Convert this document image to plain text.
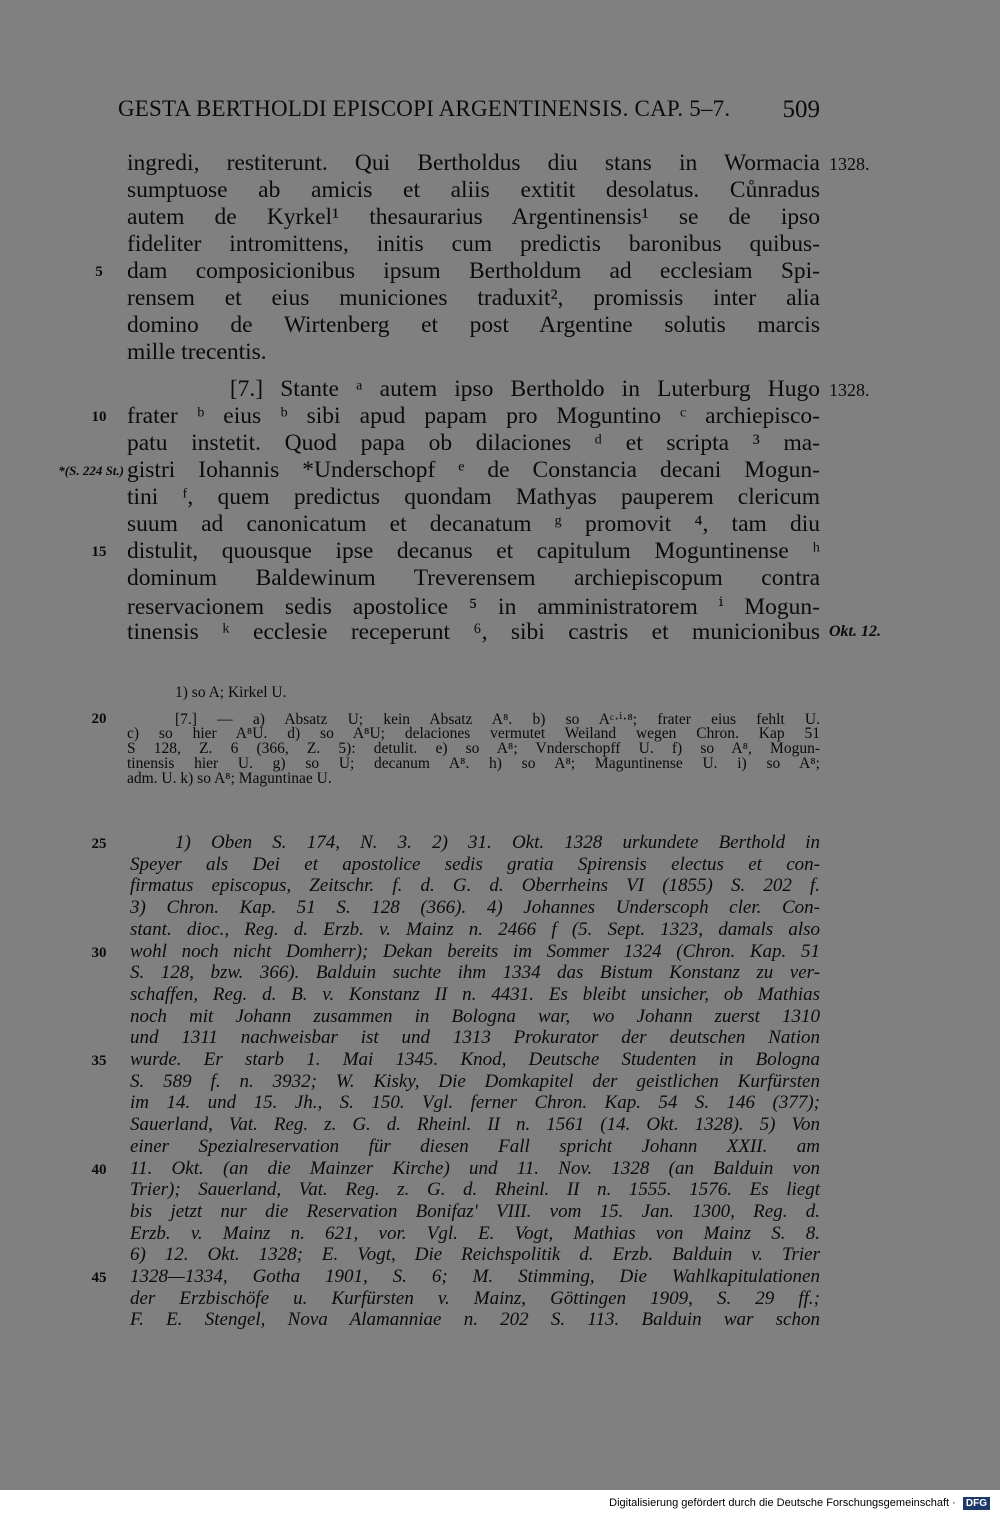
GESTA BERTHOLDI EPISCOPI ARGENTINENSIS. CAP. 5–7. 509
ingredi, restiterunt. Qui Bertholdus diu stans in Wormacia 1328.
sumptuose ab amicis et aliis extitit desolatus. Cůnradus
autem de Kyrkel¹ thesaurarius Argentinensis¹ se de ipso
fideliter intromittens, initis cum predictis baronibus quibus-
dam composicionibus ipsum Bertholdum ad ecclesiam Spi-
5
rensem et eius municiones traduxit², promissis inter alia
domino de Wirtenberg et post Argentine solutis marcis
mille trecentis.
[7.] Stante ᵃ autem ipso Bertholdo in Luterburg Hugo 1328.
frater ᵇ eius ᵇ sibi apud papam pro Moguntino ᶜ archiepisco-
10
patu instetit. Quod papa ob dilaciones ᵈ et scripta ³ ma-
gistri Iohannis *Underschopf ᵉ de Constancia decani Mogun-
*(S. 224 St.)
tini ᶠ, quem predictus quondam Mathyas pauperem clericum
suum ad canonicatum et decanatum ᵍ promovit ⁴, tam diu
distulit, quousque ipse decanus et capitulum Moguntinense ʰ
15
dominum Baldewinum Treverensem archiepiscopum contra
reservacionem sedis apostolice ⁵ in amministratorem ⁱ Mogun-
tinensis ᵏ ecclesie receperunt ⁶, sibi castris et municionibus Okt. 12.
1) so A; Kirkel U.
[7.] — a) Absatz U; kein Absatz A⁸. b) so Aᶜ·ⁱ·⁸; frater eius fehlt U.
20
c) so hier A⁸U. d) so A⁸U; delaciones vermutet Weiland wegen Chron. Kap 51
S 128, Z. 6 (366, Z. 5): detulit. e) so A⁸; Vnderschopff U. f) so A⁸, Mogun-
tinensis hier U. g) so U; decanum A⁸. h) so A⁸; Maguntinense U. i) so A⁸;
adm. U. k) so A⁸; Maguntinae U.
1) Oben S. 174, N. 3. 2) 31. Okt. 1328 urkundete Berthold in
25
Speyer als Dei et apostolice sedis gratia Spirensis electus et con-
firmatus episcopus, Zeitschr. f. d. G. d. Oberrheins VI (1855) S. 202 f.
3) Chron. Kap. 51 S. 128 (366). 4) Johannes Underscoph cler. Con-
stant. dioc., Reg. d. Erzb. v. Mainz n. 2466 f (5. Sept. 1323, damals also
wohl noch nicht Domherr); Dekan bereits im Sommer 1324 (Chron. Kap. 51
30
S. 128, bzw. 366). Balduin suchte ihm 1334 das Bistum Konstanz zu ver-
schaffen, Reg. d. B. v. Konstanz II n. 4431. Es bleibt unsicher, ob Mathias
noch mit Johann zusammen in Bologna war, wo Johann zuerst 1310
und 1311 nachweisbar ist und 1313 Prokurator der deutschen Nation
wurde. Er starb 1. Mai 1345. Knod, Deutsche Studenten in Bologna
35
S. 589 f. n. 3932; W. Kisky, Die Domkapitel der geistlichen Kurfürsten
im 14. und 15. Jh., S. 150. Vgl. ferner Chron. Kap. 54 S. 146 (377);
Sauerland, Vat. Reg. z. G. d. Rheinl. II n. 1561 (14. Okt. 1328). 5) Von
einer Spezialreservation für diesen Fall spricht Johann XXII. am
11. Okt. (an die Mainzer Kirche) und 11. Nov. 1328 (an Balduin von
40
Trier); Sauerland, Vat. Reg. z. G. d. Rheinl. II n. 1555. 1576. Es liegt
bis jetzt nur die Reservation Bonifaz' VIII. vom 15. Jan. 1300, Reg. d.
Erzb. v. Mainz n. 621, vor. Vgl. E. Vogt, Mathias von Mainz S. 8.
6) 12. Okt. 1328; E. Vogt, Die Reichspolitik d. Erzb. Balduin v. Trier
1328—1334, Gotha 1901, S. 6; M. Stimming, Die Wahlkapitulationen
45
der Erzbischöfe u. Kurfürsten v. Mainz, Göttingen 1909, S. 29 ff.;
F. E. Stengel, Nova Alamanniae n. 202 S. 113. Balduin war schon
Digitalisierung gefördert durch die Deutsche Forschungsgemeinschaft · DFG
